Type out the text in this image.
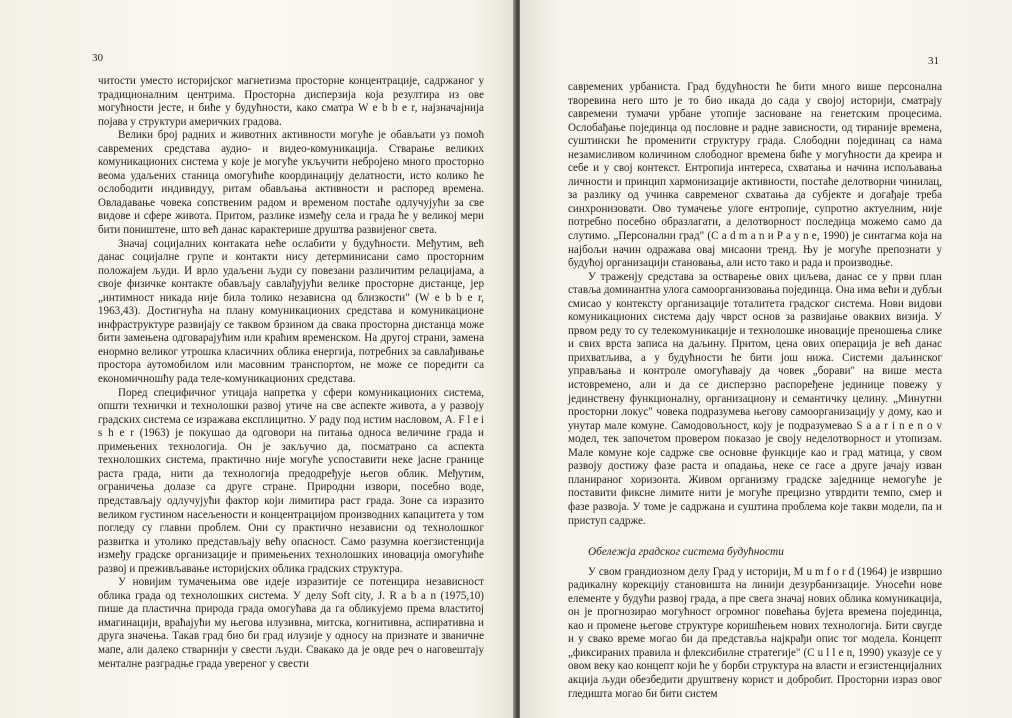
30

читости уместо историјског магнетизма просторне концентрације, садржаног у традиционалним центрима. Просторна дисперзија која резултира из ове могућности јесте, и биће у будућности, како сматра W e b b e r, најзначајнија појава у структури америчких градова.

Велики број радних и животних активности могуће је обављати уз помоћ савремених средстава аудио- и видео-комуникација. Стварање великих комуникационих система у које је могуће укључити небројено много просторно веома удаљених станица омогућиће координацију делатности, исто колико ће ослободити индивидуу, ритам обављања активности и распоред времена. Овладавање човека сопственим радом и временом постаће одлучујући за све видове и сфере живота. Притом, разлике између села и града ће у великој мери бити поништене, што већ данас карактерише друштва развијеног света.

Значај социјалних контаката неће ослабити у будућности. Међутим, већ данас социјалне групе и контакти нису детерминисани само просторним положајем људи. И врло удаљени људи су повезани различитим релацијама, а своје физичке контакте обављају савлађујући велике просторне дистанце, јер „интимност никада није била толико независна од близкости" (W e b b e r, 1963,43). Достигнућа на плану комуникационих средстава и комуникационе инфраструктуре развијају се таквом брзином да свака просторна дистанца може бити замењена одговарајућим или краћим временском. На другој страни, замена енормно великог утрошка класичних облика енергија, потребних за савлађивање простора аутомобилом или масовним транспортом, не може се поредити са економичношћу рада теле-комуникационих средстава.

Поред специфичног утицаја напретка у сфери комуникационих система, општи технички и технолошки развој утиче на све аспекте живота, а у развоју градских система се изражава експлицитно. У раду под истим насловом, A. F l e i s h e r (1963) је покушао да одговори на питања односа величине града и примењених технологија. Он је закључио да, посматрано са аспекта технолошких система, практично није могуће успоставити неке јасне границе раста града, нити да технологија предодређује његов облик. Међутим, ограничења долазе са друге стране. Природни извори, посебно воде, представљају одлучујући фактор који лимитира раст града. Зоне са изразито великом густином насељености и концентрацијом производних капацитета у том погледу су главни проблем. Они су практично независни од технолошког развитка и утолико представљају већу опасност. Само разумна коегзистенција између градске организације и примењених технолошких иновација омогућиће развој и преживљавање историјских облика градских структура.

У новијим тумачењима ове идеје изразитије се потенцира независност облика града од технолошких система. У делу Soft city, J. R a b a n (1975,10) пише да пластична природа града омогућава да га обликујемо према властитој имагинацији, враћајући му његова илузивна, митска, когнитивна, аспиративна и друга значења. Такав град био би град илузије у односу на признате и званичне мапе, али далеко стварнији у свести људи. Свакако да је овде реч о наговештају менталне разградње града увереног у свести

31

савремених урбаниста. Град будућности ће бити много више персонална творевина него што је то био икада до сада у својој историји, сматрају савремени тумачи урбане утопије засноване на генетским процесима. Ослобађање појединца од пословне и радне зависности, од тираније времена, суштински ће променити структуру града. Слободни појединац са нама незамисливом количином слободног времена биће у могућности да креира и себе и у свој контекст. Ентропија интереса, схватања и начина испољавања личности и принцип хармонизације активности, постаће делотворни чинилац, за разлику од учинка савременог схватања да субјекте и догађаје треба синхронизовати. Ово тумачење улоге ентропије, супротно актуелним, није потребно посебно образлагати, а делотворност последица можемо само да слутимо. „Персонални град" (C a d m a n и P a y n e, 1990) је синтагма која на најбољи начин одражава овај мисаони тренд. Њу је могуће препознати у будућој организацији становања, али исто тако и рада и производње.

У траженју средстава за остварење ових циљева, данас се у први план ставља доминантна улога самоорганизовања појединца. Она има већи и дубљи смисао у контексту организације тоталитета градског система. Нови видови комуникационих система дају чврст основ за развијање оваквих визија. У првом реду то су телекомуникације и технолошке иновације преношења слике и свих врста записа на даљину. Притом, цена ових операција је већ данас прихватљива, а у будућности ће бити још нижа. Системи даљинског управљања и контроле омогућавају да човек „борави" на више места истовремено, али и да се дисперзно распоређене јединице повежу у јединствену функционалну, организациону и семантичку целину. „Минутни просторни локус" човека подразумева његову самоорганизацију у дому, као и унутар мале комуне. Самодовољност, коју је подразумевао S a a r i n e n о v модел, тек започетом провером показао је своју неделотворност и утопизам. Мале комуне које садрже све основне функције као и град матица, у свом развоју достижу фазе раста и опадања, неке се гасе а друге јачају изван планираног хоризонта. Живом организму градске заједнице немогуће је поставити фиксне лимите нити је могуће прецизно утврдити темпо, смер и фазе развоја. У томе је садржана и суштина проблема које такви модели, па и приступ садрже.

Обележја градског система будућности

У свом грандиозном делу Град у историји, M u m f o r d (1964) је извршио радикалну корекцију становишта на линији дезурбанизације. Уносећи нове елементе у будући развој града, а пре свега значај нових облика комуникација, он је прогнозирао могућност огромног повећања бујета времена појединца, као и промене његове структуре коришћењем нових технологија. Бити свугде и у свако време могао би да представља најкрађи опис тог модела. Концепт „фиксираних правила и флексибилне стратегије" (C u l l e n, 1990) указује се у овом веку као концепт који ће у борби структура на власти и егзистенцијалних акција људи обезбедити друштвену корист и добробит. Просторни израз овог гледишта могао би бити систем
